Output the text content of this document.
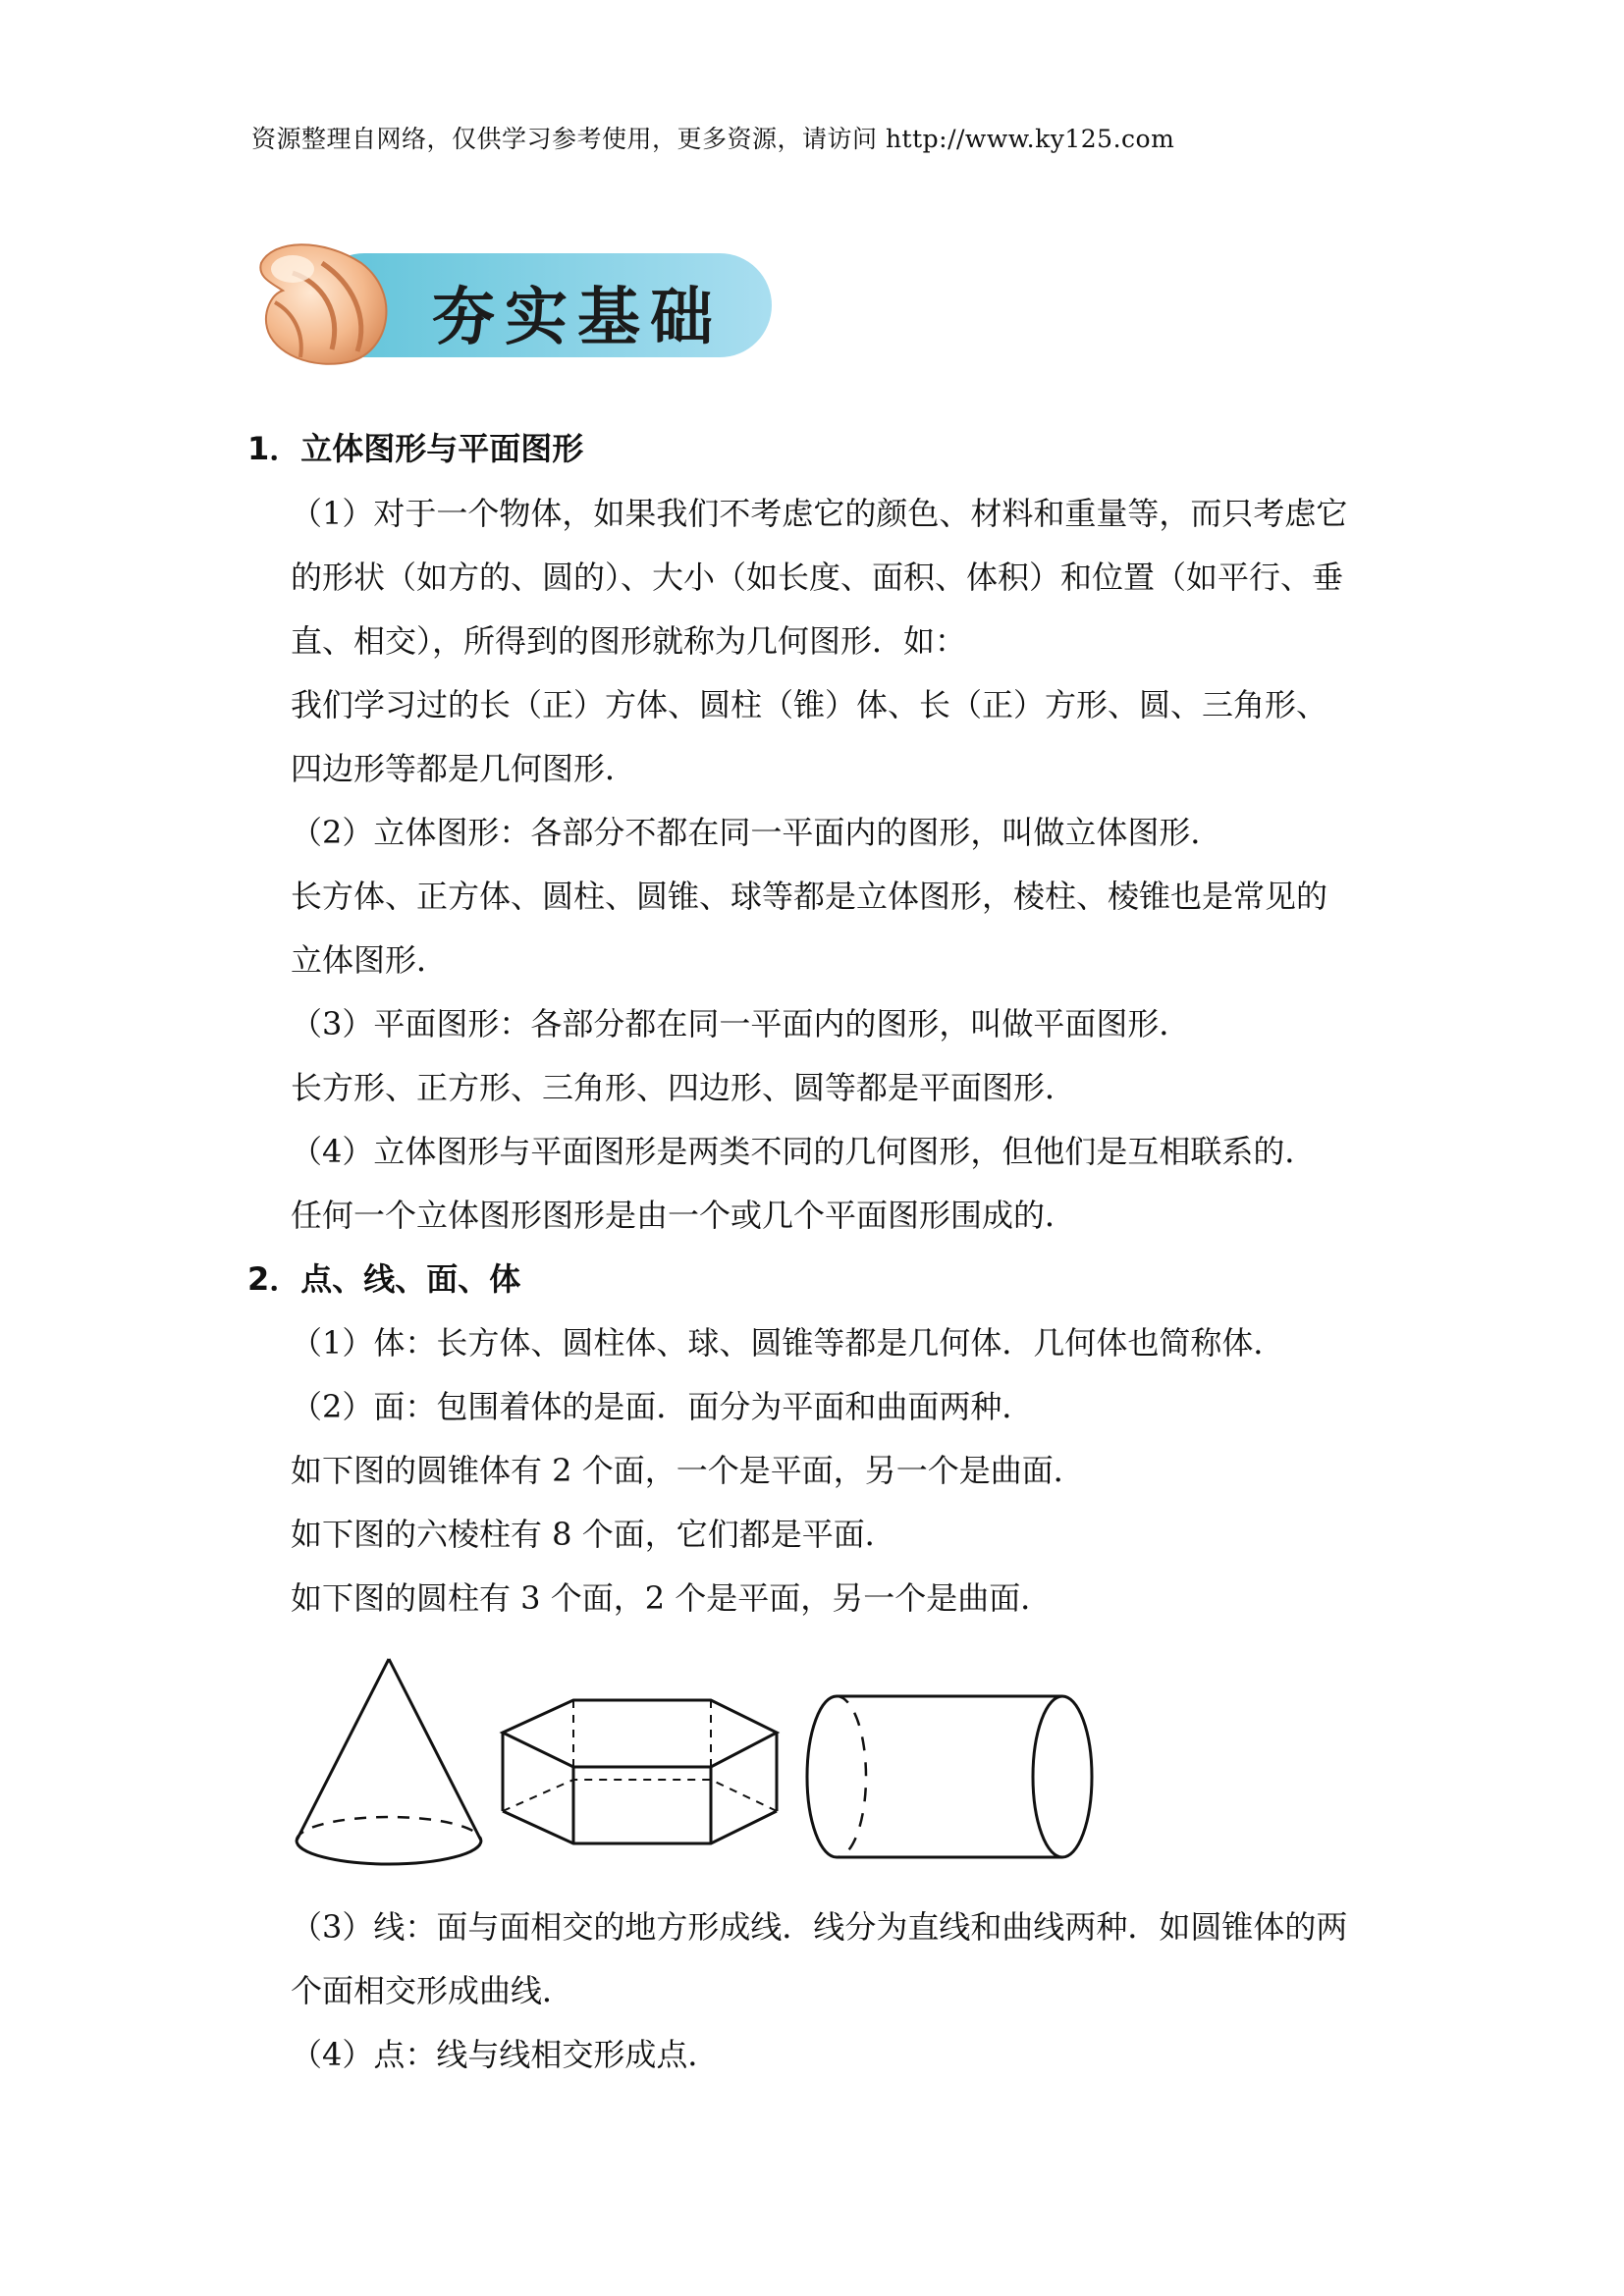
资源整理自网络，仅供学习参考使用，更多资源，请访问 http://www.ky125.com
夯实基础
1．立体图形与平面图形
（1）对于一个物体，如果我们不考虑它的颜色、材料和重量等，而只考虑它
的形状（如方的、圆的）、大小（如长度、面积、体积）和位置（如平行、垂
直、相交），所得到的图形就称为几何图形．如：
我们学习过的长（正）方体、圆柱（锥）体、长（正）方形、圆、三角形、
四边形等都是几何图形．
（2）立体图形：各部分不都在同一平面内的图形，叫做立体图形．
长方体、正方体、圆柱、圆锥、球等都是立体图形，棱柱、棱锥也是常见的
立体图形．
（3）平面图形：各部分都在同一平面内的图形，叫做平面图形．
长方形、正方形、三角形、四边形、圆等都是平面图形．
（4）立体图形与平面图形是两类不同的几何图形，但他们是互相联系的．
任何一个立体图形图形是由一个或几个平面图形围成的．
2．点、线、面、体
（1）体：长方体、圆柱体、球、圆锥等都是几何体．几何体也简称体．
（2）面：包围着体的是面．面分为平面和曲面两种．
如下图的圆锥体有 2 个面，一个是平面，另一个是曲面．
如下图的六棱柱有 8 个面，它们都是平面．
如下图的圆柱有 3 个面，2 个是平面，另一个是曲面．
（3）线：面与面相交的地方形成线．线分为直线和曲线两种．如圆锥体的两
个面相交形成曲线．
（4）点：线与线相交形成点．
